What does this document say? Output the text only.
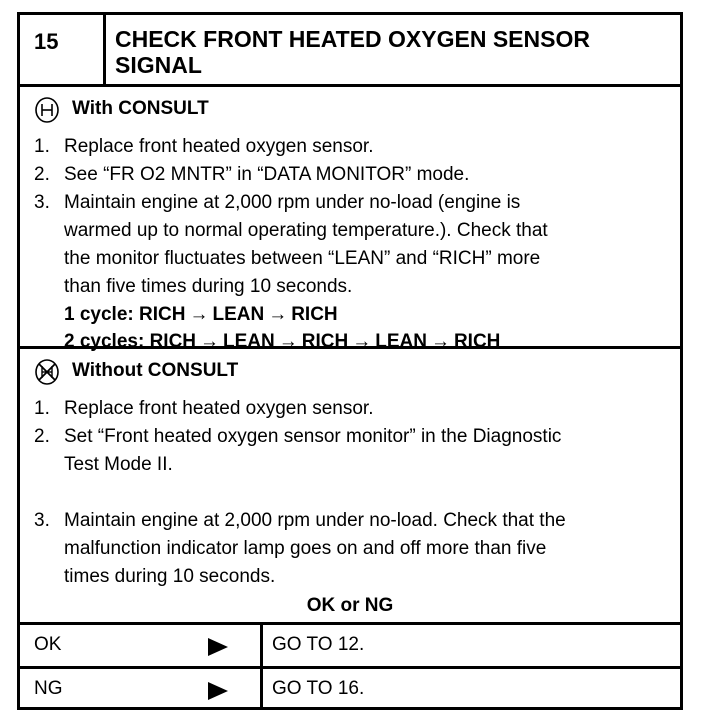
15	CHECK FRONT HEATED OXYGEN SENSOR
SIGNAL
With CONSULT
1. Replace front heated oxygen sensor.
2. See “FR O2 MNTR” in “DATA MONITOR” mode.
3. Maintain engine at 2,000 rpm under no-load (engine is
warmed up to normal operating temperature.). Check that
the monitor fluctuates between “LEAN” and “RICH” more
than five times during 10 seconds.
1 cycle: RICH → LEAN → RICH
2 cycles: RICH → LEAN → RICH → LEAN → RICH
Without CONSULT
1. Replace front heated oxygen sensor.
2. Set “Front heated oxygen sensor monitor” in the Diagnostic
Test Mode II.
3. Maintain engine at 2,000 rpm under no-load. Check that the
malfunction indicator lamp goes on and off more than five
times during 10 seconds.
OK or NG
OK	GO TO 12.
NG	GO TO 16.
